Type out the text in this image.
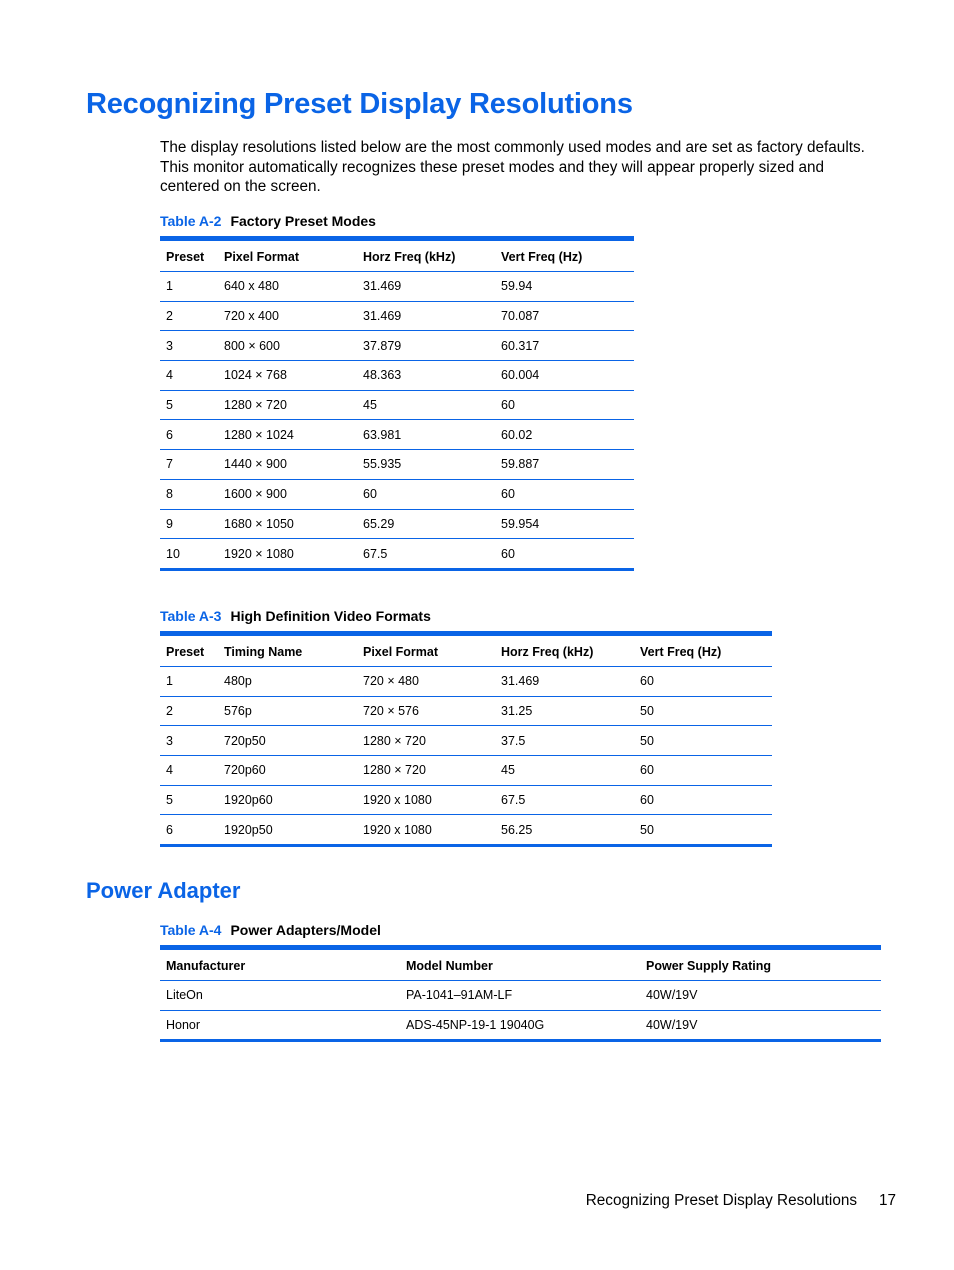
Recognizing Preset Display Resolutions

The display resolutions listed below are the most commonly used modes and are set as factory defaults. This monitor automatically recognizes these preset modes and they will appear properly sized and centered on the screen.

Table A-2 Factory Preset Modes

Preset	Pixel Format	Horz Freq (kHz)	Vert Freq (Hz)
1	640 x 480	31.469	59.94
2	720 x 400	31.469	70.087
3	800 × 600	37.879	60.317
4	1024 × 768	48.363	60.004
5	1280 × 720	45	60
6	1280 × 1024	63.981	60.02
7	1440 × 900	55.935	59.887
8	1600 × 900	60	60
9	1680 × 1050	65.29	59.954
10	1920 × 1080	67.5	60

Table A-3 High Definition Video Formats

Preset	Timing Name	Pixel Format	Horz Freq (kHz)	Vert Freq (Hz)
1	480p	720 × 480	31.469	60
2	576p	720 × 576	31.25	50
3	720p50	1280 × 720	37.5	50
4	720p60	1280 × 720	45	60
5	1920p60	1920 x 1080	67.5	60
6	1920p50	1920 x 1080	56.25	50
Power Adapter

Table A-4 Power Adapters/Model

Manufacturer	Model Number	Power Supply Rating
LiteOn	PA-1041–91AM-LF	40W/19V
Honor	ADS-45NP-19-1 19040G	40W/19V
Recognizing Preset Display Resolutions 17
